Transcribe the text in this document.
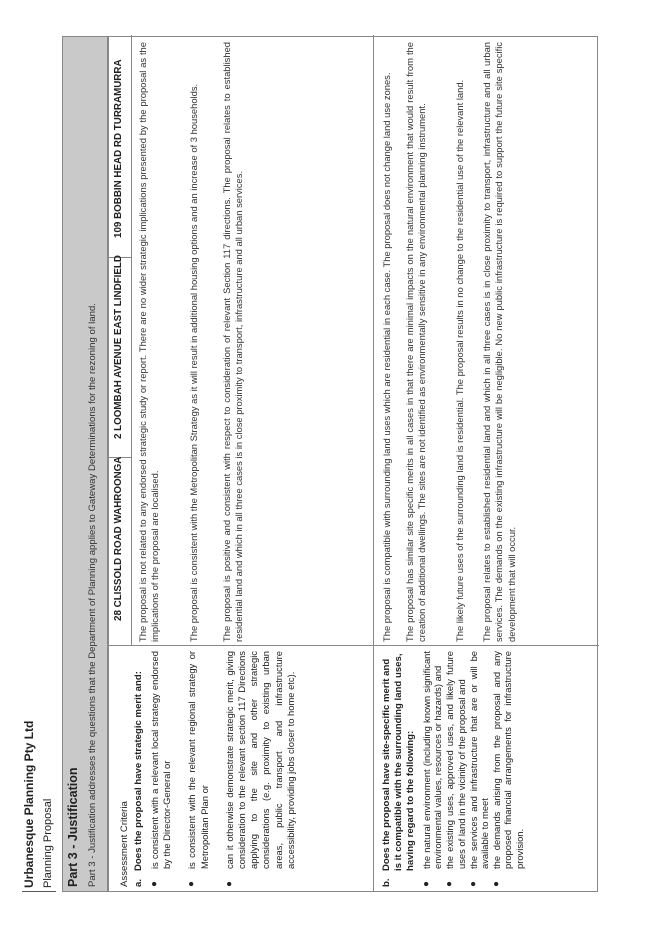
Urbanesque Planning Pty Ltd Planning Proposal Part 3 - Justification Part 3 - Justification addresses the questions that the Department of Planning applies to Gateway Determinations for the rezoning of land. 28 CLISSOLD ROAD WAHROONGA
2 LOOMBAH AVENUE EAST LINDFIELD
109 BOBBIN HEAD RD TURRAMURRA
Assessment Criteria a.
Does the proposal have strategic merit and:
●
is consistent with a relevant local strategy endorsed by the Director-General or
●
is consistent with the relevant regional strategy or Metropolitan Plan or
●
can it otherwise demonstrate strategic merit, giving consideration to the relevant section 117 Directions applying to the site and other strategic considerations (e.g. proximity to existing urban areas, public transport and infrastructure accessibility, providing jobs closer to home etc).
The proposal is not related to any endorsed strategic study or report. There are no wider strategic implications presented by the proposal as the implications of the proposal are localised.	The proposal is consistent with the Metropolitan Strategy as it will result in additional housing options and an increase of 3 households. The proposal is positive and consistent with respect to consideration of relevant Section 117 directions. The proposal relates to established residential land and which in all three cases is in close proximity to transport, infrastructure and all urban services.
b.
Does the proposal have site-specific merit and is it compatible with the surrounding land uses, having regard to the following:
●
the natural environment (including known significant environmental values, resources or hazards) and
●
the existing uses, approved uses, and likely future uses of land in the vicinity of the proposal and
●
the services and infrastructure that are or will be available to meet
●
the demands arising from the proposal and any proposed financial arrangements for infrastructure provision.
The proposal is compatible with surrounding land uses which are residential in each case. The proposal does not change land use zones. The proposal has similar site specific merits in all cases in that there are minimal impacts on the natural environment that would result from the creation of additional dwellings. The sites are not identified as environmentally sensitive in any environmental planning instrument.	The likely future uses of the surrounding land is residential. The proposal results in no change to the residential use of the relevant land. The proposal relates to established residential land and which in all three cases is in close proximity to transport, infrastructure and all urban services. The demands on the existing infrastructure will be negligible. No new public infrastructure is required to support the future site specific development that will occur.
